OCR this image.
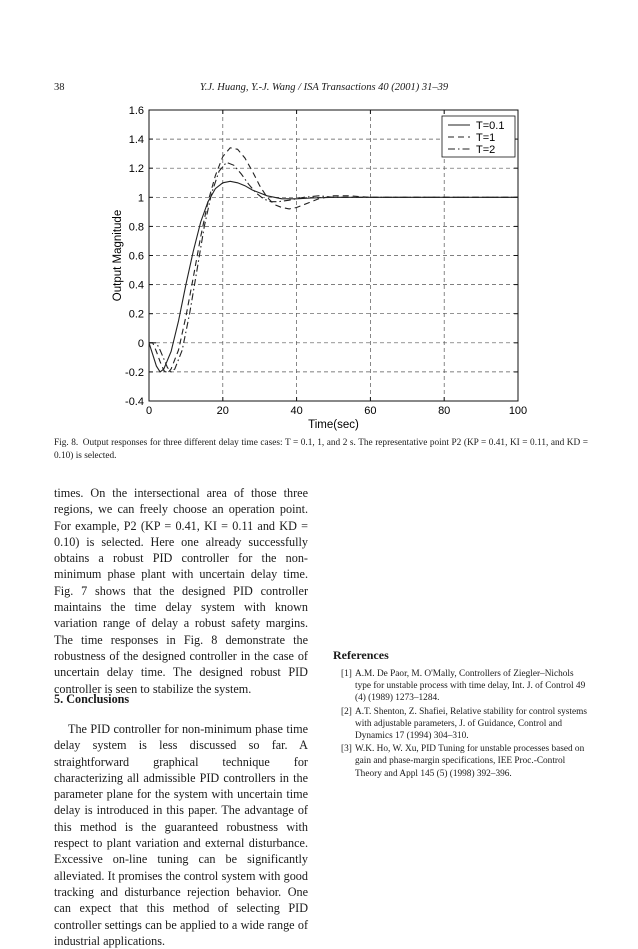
38	Y.J. Huang, Y.-J. Wang / ISA Transactions 40 (2001) 31–39
-0.4
-0.2
0
0.2
0.4
0.6
0.8
1
1.2
1.4
1.6
0	20	40	60	80	100
Time(sec)
Output Magnitude
T=0.1
T=1
T=2
Fig. 8. Output responses for three different delay time cases: T = 0.1, 1, and 2 s. The representative point P2 (KP = 0.41, KI = 0.11, and KD = 0.10) is selected.

times. On the intersectional area of those three regions, we can freely choose an operation point. For example, P2 (KP = 0.41, KI = 0.11 and KD = 0.10) is selected. Here one already successfully obtains a robust PID controller for the non-minimum phase plant with uncertain delay time. Fig. 7 shows that the designed PID controller maintains the time delay system with known variation range of delay a robust safety margins. The time responses in Fig. 8 demonstrate the robustness of the designed controller in the case of uncertain delay time. The designed robust PID controller is seen to stabilize the system.

5. Conclusions

The PID controller for non-minimum phase time delay system is less discussed so far. A straightforward graphical technique for characterizing all admissible PID controllers in the parameter plane for the system with uncertain time delay is introduced in this paper. The advantage of this method is the guaranteed robustness with respect to plant variation and external disturbance. Excessive on-line tuning can be significantly alleviated. It promises the control system with good tracking and disturbance rejection behavior. One can expect that this method of selecting PID controller settings can be applied to a wide range of industrial applications.

References
[1] A.M. De Paor, M. O'Mally, Controllers of Ziegler–Nichols type for unstable process with time delay, Int. J. of Control 49 (4) (1989) 1273–1284.
[2] A.T. Shenton, Z. Shafiei, Relative stability for control systems with adjustable parameters, J. of Guidance, Control and Dynamics 17 (1994) 304–310.
[3] W.K. Ho, W. Xu, PID Tuning for unstable processes based on gain and phase-margin specifications, IEE Proc.-Control Theory and Appl 145 (5) (1998) 392–396.
